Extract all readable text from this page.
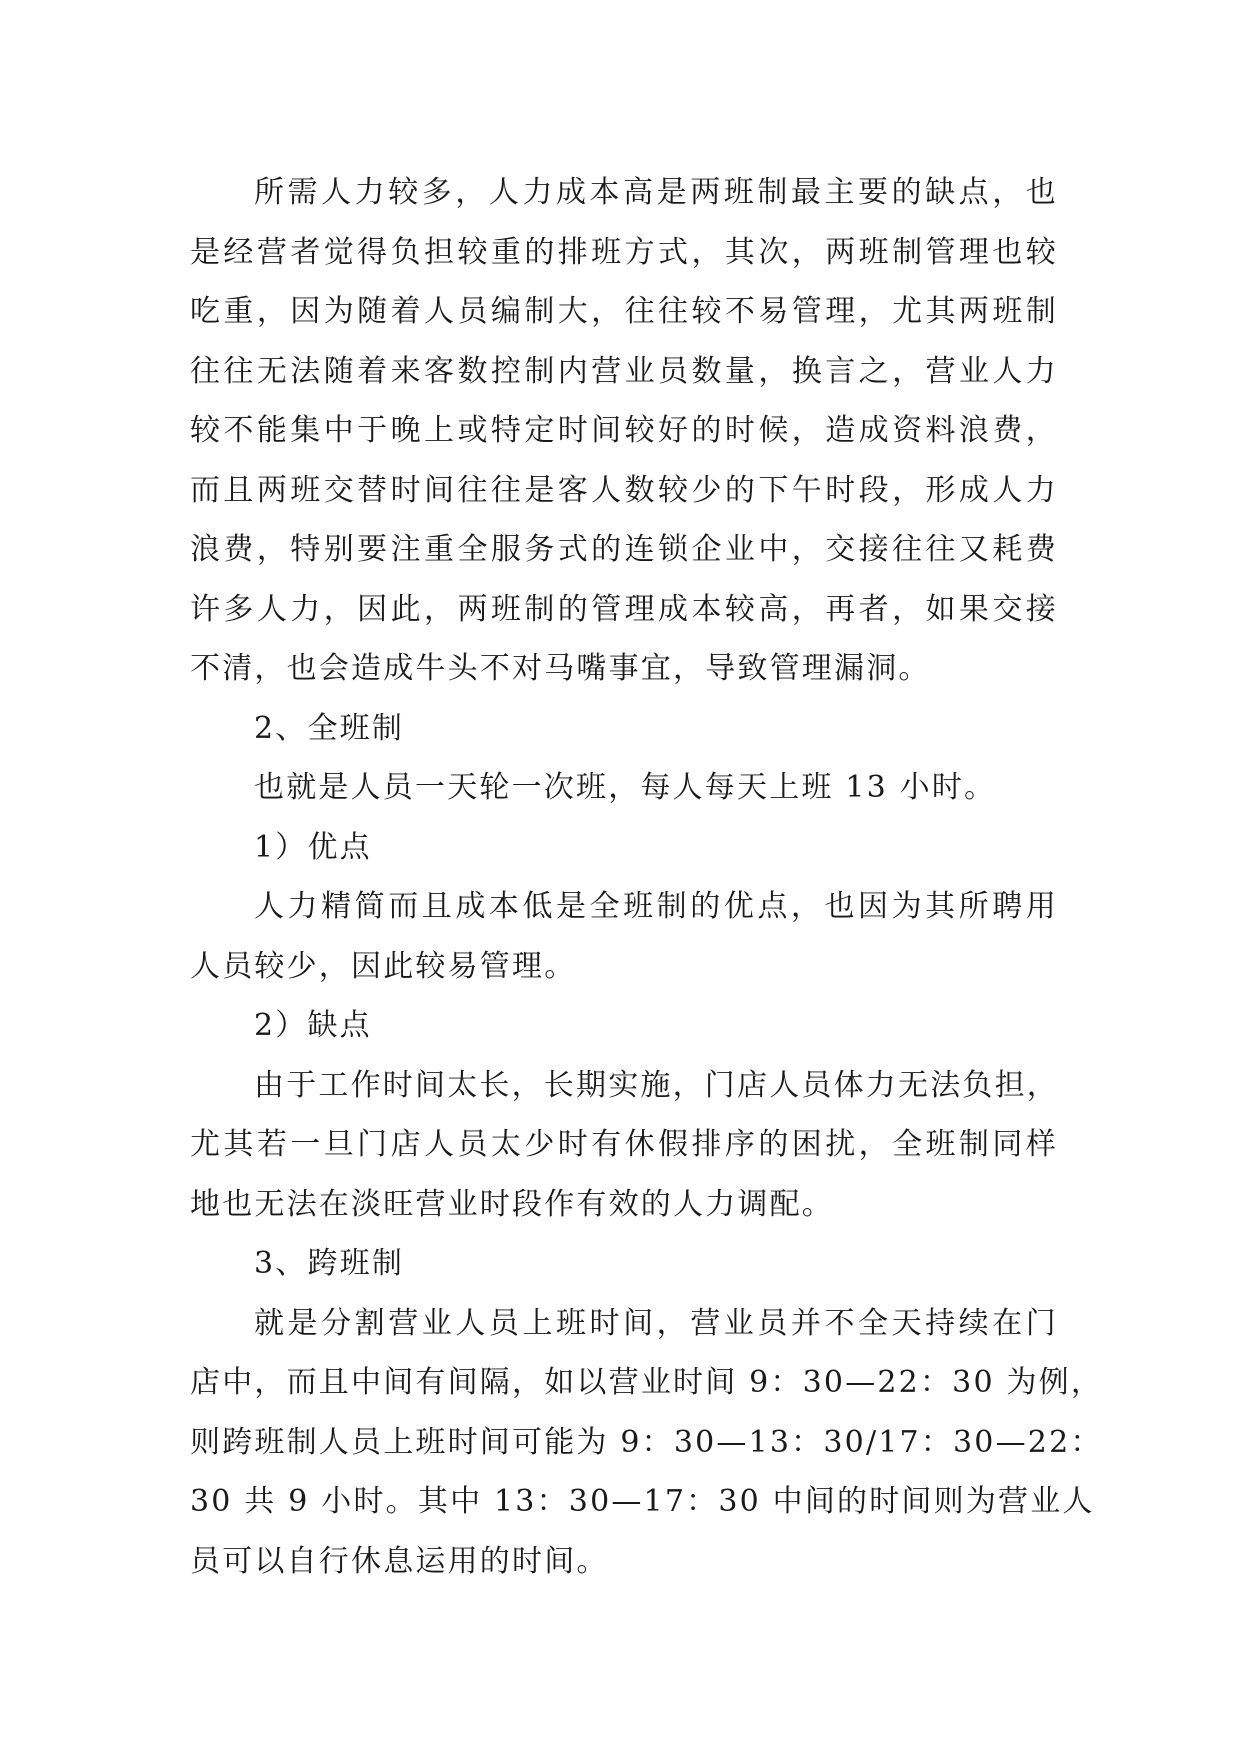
所需人力较多，人力成本高是两班制最主要的缺点，也
是经营者觉得负担较重的排班方式，其次，两班制管理也较
吃重，因为随着人员编制大，往往较不易管理，尤其两班制
往往无法随着来客数控制内营业员数量，换言之，营业人力
较不能集中于晚上或特定时间较好的时候，造成资料浪费，
而且两班交替时间往往是客人数较少的下午时段，形成人力
浪费，特别要注重全服务式的连锁企业中，交接往往又耗费
许多人力，因此，两班制的管理成本较高，再者，如果交接
不清，也会造成牛头不对马嘴事宜，导致管理漏洞。
2、全班制
也就是人员一天轮一次班，每人每天上班 13 小时。
1）优点
人力精简而且成本低是全班制的优点，也因为其所聘用
人员较少，因此较易管理。
2）缺点
由于工作时间太长，长期实施，门店人员体力无法负担，
尤其若一旦门店人员太少时有休假排序的困扰，全班制同样
地也无法在淡旺营业时段作有效的人力调配。
3、跨班制
就是分割营业人员上班时间，营业员并不全天持续在门
店中，而且中间有间隔，如以营业时间 9：30—22：30 为例，
则跨班制人员上班时间可能为 9：30—13：30/17：30—22：
30 共 9 小时。其中 13：30—17：30 中间的时间则为营业人
员可以自行休息运用的时间。
